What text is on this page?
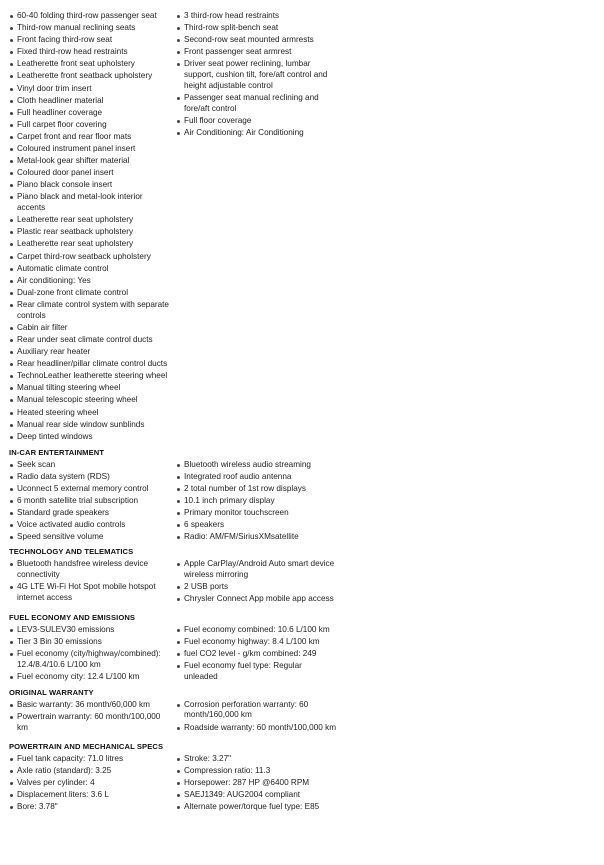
60-40 folding third-row passenger seat
Third-row manual reclining seats
Front facing third-row seat
Fixed third-row head restraints
Leatherette front seat upholstery
Leatherette front seatback upholstery
Vinyl door trim insert
Cloth headliner material
Full headliner coverage
Full carpet floor covering
Carpet front and rear floor mats
Coloured instrument panel insert
Metal-look gear shifter material
Coloured door panel insert
Piano black console insert
Piano black and metal-look interior accents
Leatherette rear seat upholstery
Plastic rear seatback upholstery
Leatherette rear seat upholstery
Carpet third-row seatback upholstery
Automatic climate control
Air conditioning: Yes
Dual-zone front climate control
Rear climate control system with separate controls
Cabin air filter
Rear under seat climate control ducts
Auxiliary rear heater
Rear headliner/pillar climate control ducts
TechnoLeather leatherette steering wheel
Manual tilting steering wheel
Manual telescopic steering wheel
Heated steering wheel
Manual rear side window sunblinds
Deep tinted windows
3 third-row head restraints
Third-row split-bench seat
Second-row seat mounted armrests
Front passenger seat armrest
Driver seat power reclining, lumbar support, cushion tilt, fore/aft control and height adjustable control
Passenger seat manual reclining and fore/aft control
Full floor coverage
Air Conditioning: Air Conditioning
IN-CAR ENTERTAINMENT
Seek scan
Radio data system (RDS)
Uconnect 5 external memory control
6 month satellite trial subscription
Standard grade speakers
Voice activated audio controls
Speed sensitive volume
Bluetooth wireless audio streaming
Integrated roof audio antenna
2 total number of 1st row displays
10.1 inch primary display
Primary monitor touchscreen
6 speakers
Radio: AM/FM/SiriusXMsatellite
TECHNOLOGY AND TELEMATICS
Bluetooth handsfree wireless device connectivity
4G LTE Wi-Fi Hot Spot mobile hotspot internet access
Apple CarPlay/Android Auto smart device wireless mirroring
2 USB ports
Chrysler Connect App mobile app access
FUEL ECONOMY AND EMISSIONS
LEV3-SULEV30 emissions
Tier 3 Bin 30 emissions
Fuel economy (city/highway/combined): 12.4/8.4/10.6 L/100 km
Fuel economy city: 12.4 L/100 km
Fuel economy combined: 10.6 L/100 km
Fuel economy highway: 8.4 L/100 km
fuel CO2 level - g/km combined: 249
Fuel economy fuel type: Regular unleaded
ORIGINAL WARRANTY
Basic warranty: 36 month/60,000 km
Powertrain warranty: 60 month/100,000 km
Corrosion perforation warranty: 60 month/160,000 km
Roadside warranty: 60 month/100,000 km
POWERTRAIN AND MECHANICAL SPECS
Fuel tank capacity: 71.0 litres
Axle ratio (standard): 3.25
Valves per cylinder: 4
Displacement liters: 3.6 L
Bore: 3.78"
Stroke: 3.27"
Compression ratio: 11.3
Horsepower: 287 HP @6400 RPM
SAEJ1349: AUG2004 compliant
Alternate power/torque fuel type: E85
